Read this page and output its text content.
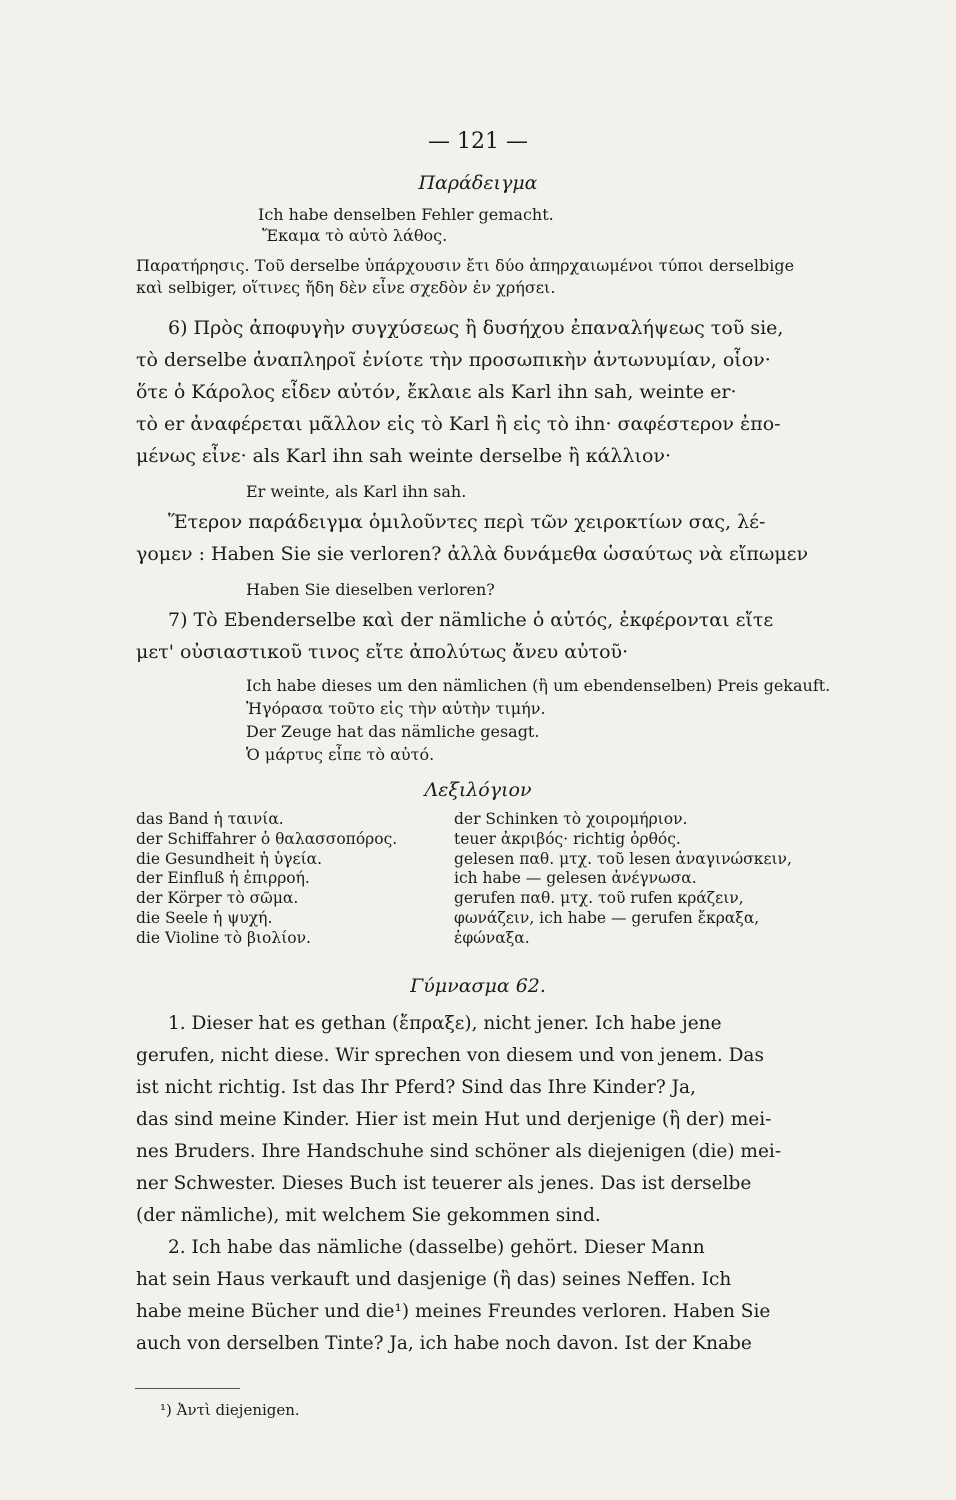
— 121 —
Παράδειγμα
Ich habe denselben Fehler gemacht.
Ἔκαμα τὸ αὐτὸ λάθος.
Παρατήρησις. Τοῦ derselbe ὑπάρχουσιν ἔτι δύο ἀπηρχαιωμένοι τύποι derselbige
καὶ selbiger, οἵτινες ἤδη δὲν εἶνε σχεδὸν ἐν χρήσει.
6) Πρὸς ἀποφυγὴν συγχύσεως ἢ δυσήχου ἐπαναλήψεως τοῦ sie,
τὸ derselbe ἀναπληροῖ ἐνίοτε τὴν προσωπικὴν ἀντωνυμίαν, οἷον·
ὅτε ὁ Κάρολος εἶδεν αὐτόν, ἔκλαιε als Karl ihn sah, weinte er·
τὸ er ἀναφέρεται μᾶλλον εἰς τὸ Karl ἢ εἰς τὸ ihn· σαφέστερον ἐπο-
μένως εἶνε· als Karl ihn sah weinte derselbe ἢ κάλλιον·
Er weinte, als Karl ihn sah.
Ἕτερον παράδειγμα ὁμιλοῦντες περὶ τῶν χειροκτίων σας, λέ-
γομεν : Haben Sie sie verloren? ἀλλὰ δυνάμεθα ὡσαύτως νὰ εἴπωμεν
Haben Sie dieselben verloren?
7) Τὸ Ebenderselbe καὶ der nämliche ὁ αὐτός, ἐκφέρονται εἴτε
μετ' οὐσιαστικοῦ τινος εἴτε ἀπολύτως ἄνευ αὐτοῦ·
Ich habe dieses um den nämlichen (ἢ um ebendenselben) Preis gekauft.
Ἠγόρασα τοῦτο εἰς τὴν αὐτὴν τιμήν.
Der Zeuge hat das nämliche gesagt.
Ὁ μάρτυς εἶπε τὸ αὐτό.
Λεξιλόγιον
das Band ἡ ταινία.
der Schiffahrer ὁ θαλασσοπόρος.
die Gesundheit ἡ ὑγεία.
der Einfluß ἡ ἐπιρροή.
der Körper τὸ σῶμα.
die Seele ἡ ψυχή.
die Violine τὸ βιολίον.
der Schinken τὸ χοιρομήριον.
teuer ἀκριβός· richtig ὀρθός.
gelesen παθ. μτχ. τοῦ lesen ἀναγινώσκειν,
ich habe — gelesen ἀνέγνωσα.
gerufen παθ. μτχ. τοῦ rufen κράζειν,
φωνάζειν, ich habe — gerufen ἔκραξα,
ἐφώναξα.
Γύμνασμα 62.
1. Dieser hat es gethan (ἔπραξε), nicht jener. Ich habe jene
gerufen, nicht diese. Wir sprechen von diesem und von jenem. Das
ist nicht richtig. Ist das Ihr Pferd? Sind das Ihre Kinder? Ja,
das sind meine Kinder. Hier ist mein Hut und derjenige (ἢ der) mei-
nes Bruders. Ihre Handschuhe sind schöner als diejenigen (die) mei-
ner Schwester. Dieses Buch ist teuerer als jenes. Das ist derselbe
(der nämliche), mit welchem Sie gekommen sind.
2. Ich habe das nämliche (dasselbe) gehört. Dieser Mann
hat sein Haus verkauft und dasjenige (ἢ das) seines Neffen. Ich
habe meine Bücher und die¹) meines Freundes verloren. Haben Sie
auch von derselben Tinte? Ja, ich habe noch davon. Ist der Knabe
¹) Ἀντὶ diejenigen.
